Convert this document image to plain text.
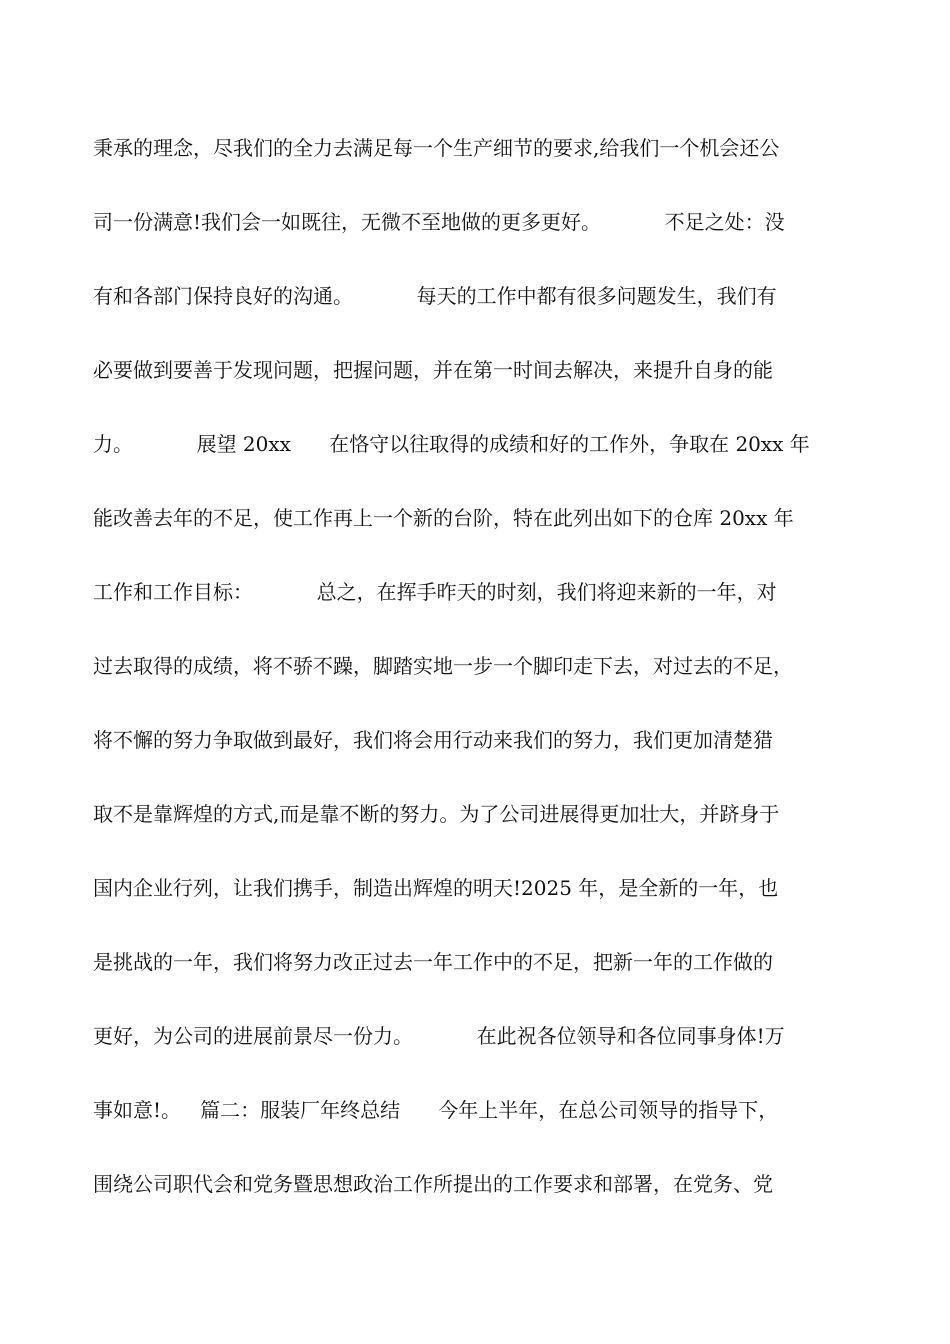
秉承的理念，尽我们的全力去满足每一个生产细节的要求,给我们一个机会还公
司一份满意!我们会一如既往，无微不至地做的更多更好。          不足之处：没
有和各部门保持良好的沟通。          每天的工作中都有很多问题发生，我们有
必要做到要善于发现问题，把握问题，并在第一时间去解决，来提升自身的能
力。          展望 20xx      在恪守以往取得的成绩和好的工作外，争取在 20xx 年
能改善去年的不足，使工作再上一个新的台阶，特在此列出如下的仓库 20xx 年
工作和工作目标：          总之，在挥手昨天的时刻，我们将迎来新的一年，对
过去取得的成绩，将不骄不躁，脚踏实地一步一个脚印走下去，对过去的不足，
将不懈的努力争取做到最好，我们将会用行动来我们的努力，我们更加清楚猎
取不是靠辉煌的方式,而是靠不断的努力。为了公司进展得更加壮大，并跻身于
国内企业行列，让我们携手，制造出辉煌的明天!2025 年，是全新的一年，也
是挑战的一年，我们将努力改正过去一年工作中的不足，把新一年的工作做的
更好，为公司的进展前景尽一份力。          在此祝各位领导和各位同事身体!万
事如意!。   篇二：服装厂年终总结      今年上半年，在总公司领导的指导下，
围绕公司职代会和党务暨思想政治工作所提出的工作要求和部署，在党务、党
